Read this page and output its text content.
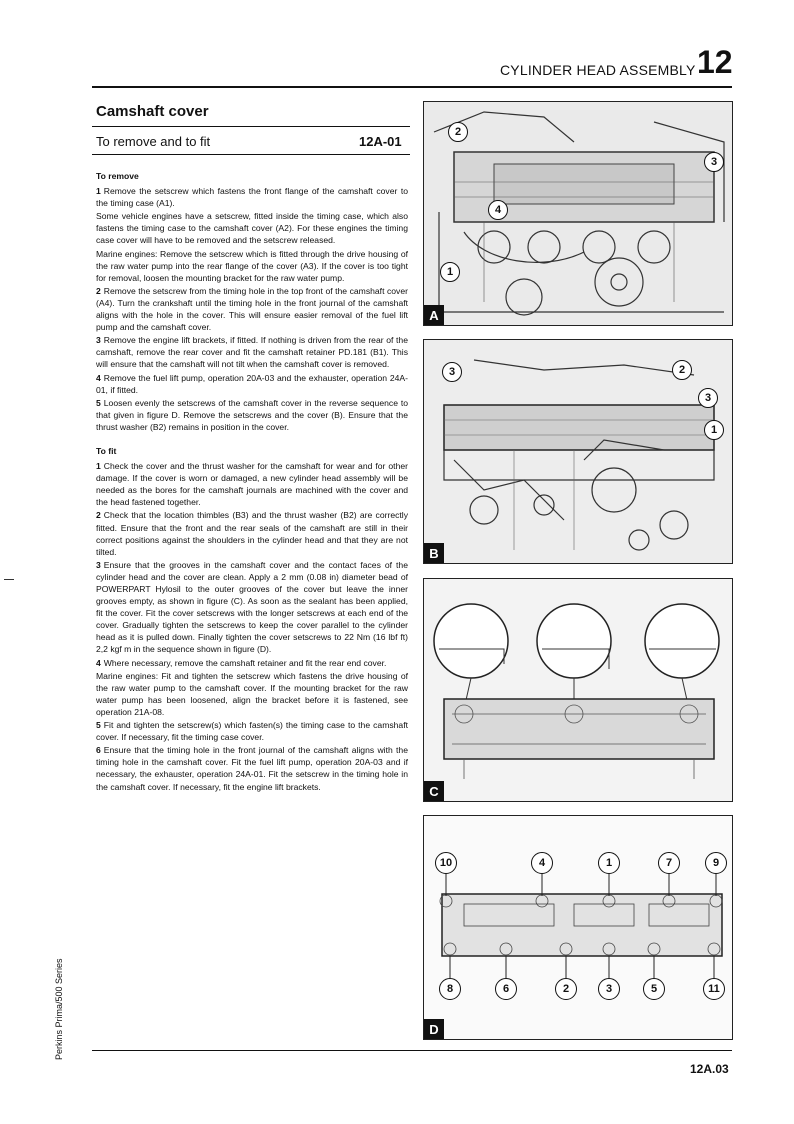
CYLINDER HEAD ASSEMBLY 12
Camshaft cover
To remove and to fit	12A-01

To remove

1 Remove the setscrew which fastens the front flange of the camshaft cover to the timing case (A1).

Some vehicle engines have a setscrew, fitted inside the timing case, which also fastens the timing case to the camshaft cover (A2). For these engines the timing case cover will have to be removed and the setscrew released.

Marine engines: Remove the setscrew which is fitted through the drive housing of the raw water pump into the rear flange of the cover (A3). If the cover is too tight for removal, loosen the mounting bracket for the raw water pump.

2 Remove the setscrew from the timing hole in the top front of the camshaft cover (A4). Turn the crankshaft until the timing hole in the front journal of the camshaft aligns with the hole in the cover. This will ensure easier removal of the fuel lift pump and the camshaft cover.

3 Remove the engine lift brackets, if fitted. If nothing is driven from the rear of the camshaft, remove the rear cover and fit the camshaft retainer PD.181 (B1). This will ensure that the camshaft will not tilt when the camshaft cover is removed.

4 Remove the fuel lift pump, operation 20A-03 and the exhauster, operation 24A-01, if fitted.

5 Loosen evenly the setscrews of the camshaft cover in the reverse sequence to that given in figure D. Remove the setscrews and the cover (B). Ensure that the thrust washer (B2) remains in position in the cover.

To fit

1 Check the cover and the thrust washer for the camshaft for wear and for other damage. If the cover is worn or damaged, a new cylinder head assembly will be needed as the bores for the camshaft journals are machined with the cover and the head fastened together.

2 Check that the location thimbles (B3) and the thrust washer (B2) are correctly fitted. Ensure that the front and the rear seals of the camshaft are still in their correct positions against the shoulders in the cylinder head and that they are not tilted.

3 Ensure that the grooves in the camshaft cover and the contact faces of the cylinder head and the cover are clean. Apply a 2 mm (0.08 in) diameter bead of POWERPART Hylosil to the outer grooves of the cover but leave the inner grooves empty, as shown in figure (C). As soon as the sealant has been applied, fit the cover. Fit the cover setscrews with the longer setscrews at each end of the cover. Gradually tighten the setscrews to keep the cover parallel to the cylinder head as it is pulled down. Finally tighten the cover setscrews to 22 Nm (16 lbf ft) 2,2 kgf m in the sequence shown in figure (D).

4 Where necessary, remove the camshaft retainer and fit the rear end cover.

Marine engines: Fit and tighten the setscrew which fastens the drive housing of the raw water pump to the camshaft cover. If the mounting bracket for the raw water pump has been loosened, align the bracket before it is fastened, see operation 21A-08.

5 Fit and tighten the setscrew(s) which fasten(s) the timing case to the camshaft cover. If necessary, fit the timing case cover.

6 Ensure that the timing hole in the front journal of the camshaft aligns with the timing hole in the camshaft cover. Fit the fuel lift pump, operation 20A-03 and if necessary, the exhauster, operation 24A-01. Fit the setscrew in the timing hole in the camshaft cover. If necessary, fit the engine lift brackets.

2
3
4
1
A
3	2
3
1
B
C
10	4	1	7	9
8	6	2	3	5	11
D
Perkins Prima/500 Series
12A.03
